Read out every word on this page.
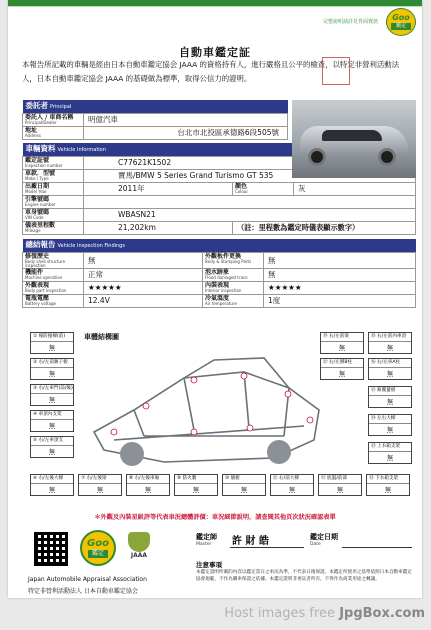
完整說明請詳見背面資訊	Goo
鑑定
自動車鑑定証
本報告所記載的車輛是經由日本自動車鑑定協会 JAAA 的資格持有人，進行嚴格且公平的檢查，以特定非營利活動法人，日本自動車鑑定協会 JAAA 的基礎做為標準，取得公信力的證明。
委託者 Principal	

委託人 / 車商名稱
Principal/Dealer	明億汽車

地址
Address	台北市北投區承德路6段505號
車輛資料 Vehicle Information			

鑑定証號
Inspection number	C77621K1502		

車款．型號
Make / Type	寶馬/BMW 5 Series Grand Turismo GT 535		

出廠日期
Model Year	2011年	顏色
Colour	灰

引擎號碼
Engine number			

車身號碼
VIN Code	WBASN21		

儀表里程數
Mileage	21,202km	（註：里程數為鑑定時儀表顯示數字）	
總結報告 Vehicle Inspection Findings			

修復歷史
Body shell structure inspection	無	外觀板件更換
Body & Stamping Parts	無

機能件
Machine operation	正常	泡水跡象
Flood damaged trace	無

外觀表現
Body part inspection	★★★★★	內裝表現
Interior inspection	★★★★★

電瓶電壓
Battery voltage	12.4V	冷氣溫度
Air temperature	1度
車體結構圖
① 後防撞樑(前)
無
② 右/左前翼子板
無
③ 右/左車門(前/後)
無
④ 車頂內支架
無
⑤ 右/左車頂支
無
⑥ 右/左後大樑
無
⑲ 右/左前梁
無
⑱ 右/左前內車頂
無
⑰ 右/左側B柱
無
⑯ 右/左車A柱
無
⑮ 鈑覆蓋板
無
⑭ 左右大樑
無
⑬ 上水箱支架
無
⑦ 右/左後梁
無
⑧ 右/左後車廂
無
⑨ 防火牆
無
⑩ 儀板
無
⑪ 右/前大樑
無
⑫ 底盤/前部
無
⑬ 下水箱支架
無
＊外觀及內裝星級評等代表車況總體評價：車況細節說明，請查閱其他頁次狀況確認表單
Goo
鑑定	JAAA
Japan Automobile Appraisal Association
特定非營利活動法人 日本自動車鑑定協会
鑑定師
Master	許 財 皓	鑑定日期
Date
注意事項
本鑑定證明所載的內容以鑑定當日之車況為準，不代表日後保證。本鑑定所使用之基準依照日本自動車鑑定協會規範，不作為購車保證之依據。本鑑定證明非委託者所有，不得作為商業用途之轉讓。
Host images free JpgBox.com
